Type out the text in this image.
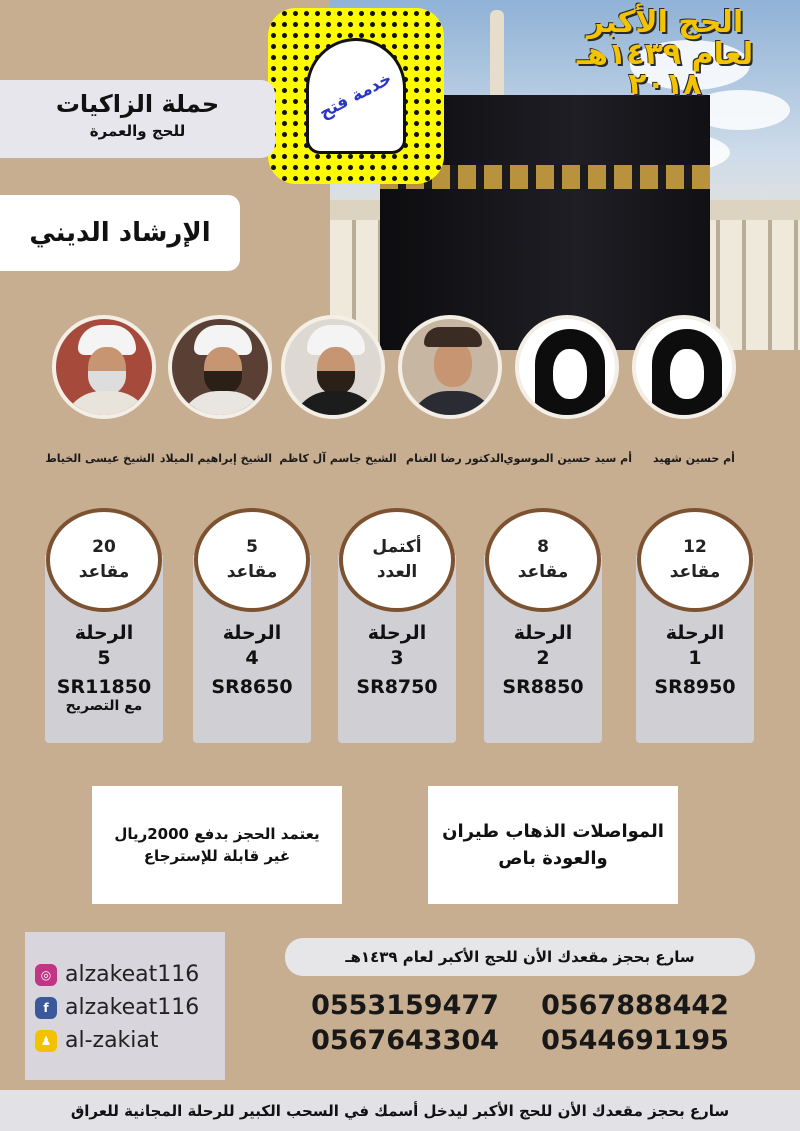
خدمة فتح
الحج الأكبر
لعام ١٤٣٩هـ ٢٠١٨
حملة الزاكيات
للحج والعمرة
الإرشاد الديني
أم حسين شهيد
أم سيد حسين الموسوي
الدكتور رضا الغنام
الشيخ جاسم آل كاظم
الشيخ إبراهيم الميلاد
الشيخ عيسى الخياط
الرحلة
1
SR8950
الرحلة
2
SR8850
الرحلة
3
SR8750
الرحلة
4
SR8650
الرحلة
5
SR11850
مع التصريح
12
مقاعد
8
مقاعد
أكتمل
العدد
5
مقاعد
20
مقاعد
المواصلات الذهاب طيران
والعودة باص
يعتمد الحجز بدفع 2000ريال
غير قابلة للإسترجاع
◎ alzakeat116
f alzakeat116
♟ al-zakiat
سارع بحجز مقعدك الأن للحج الأكبر لعام ١٤٣٩هـ
0553159477 0567888442
0567643304 0544691195
سارع بحجز مقعدك الأن للحج الأكبر ليدخل أسمك في السحب الكبير للرحلة المجانية للعراق
